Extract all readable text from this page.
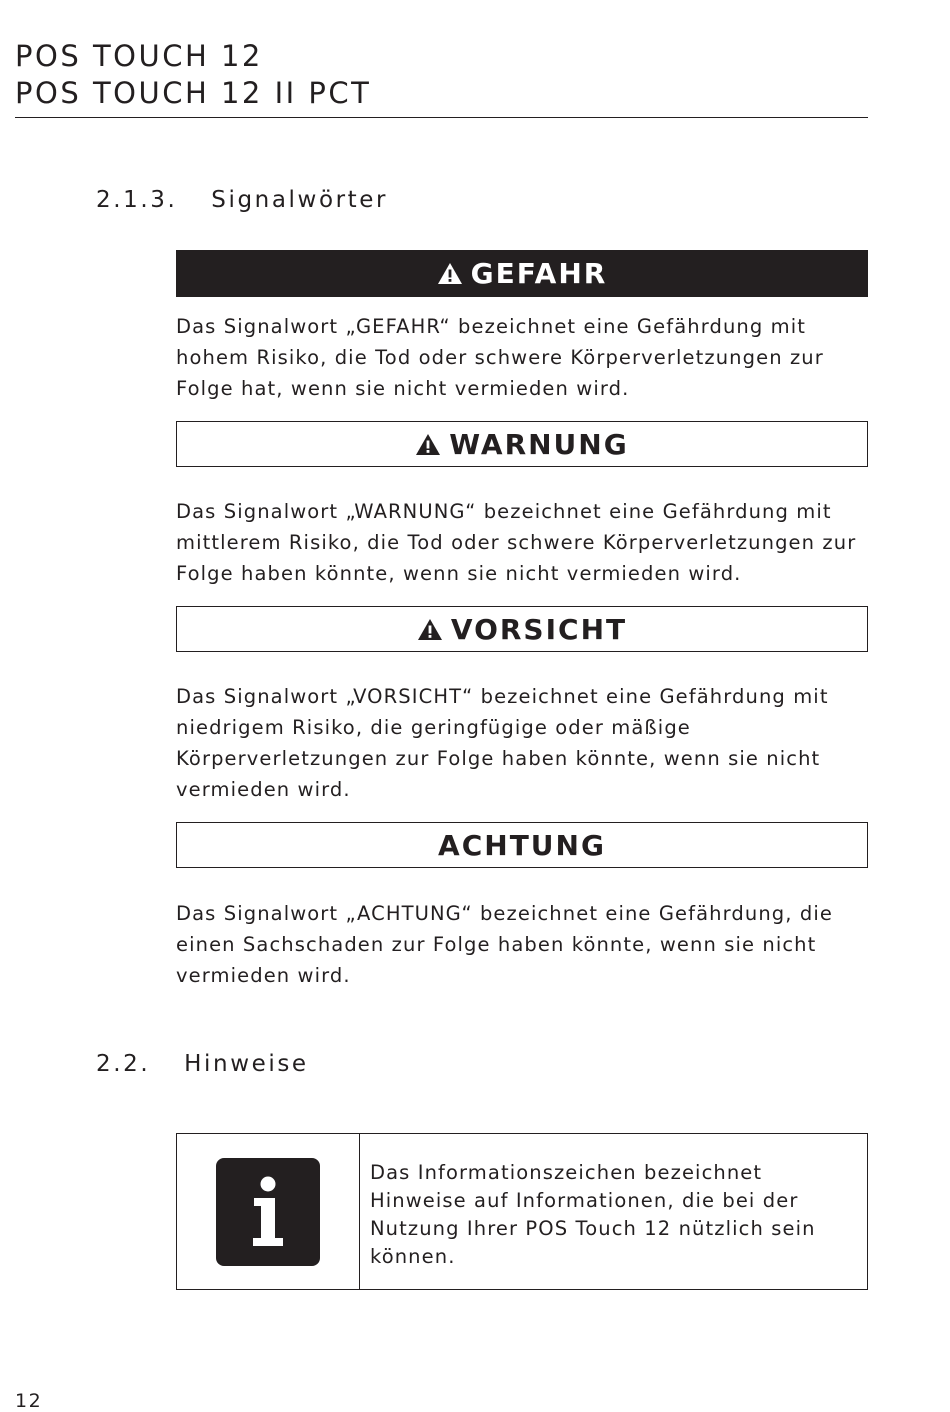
POS TOUCH 12
POS TOUCH 12 II PCT
2.1.3. Signalwörter
GEFAHR
Das Signalwort „GEFAHR“ bezeichnet eine Gefährdung mit hohem Risiko, die Tod oder schwere Körperverletzungen zur Folge hat, wenn sie nicht vermieden wird.
WARNUNG
Das Signalwort „WARNUNG“ bezeichnet eine Gefährdung mit mittlerem Risiko, die Tod oder schwere Körperverletzungen zur Folge haben könnte, wenn sie nicht vermieden wird.
VORSICHT
Das Signalwort „VORSICHT“ bezeichnet eine Gefährdung mit niedrigem Risiko, die geringfügige oder mäßige Körperverletzungen zur Folge haben könnte, wenn sie nicht vermieden wird.
ACHTUNG
Das Signalwort „ACHTUNG“ bezeichnet eine Gefährdung, die einen Sachschaden zur Folge haben könnte, wenn sie nicht vermieden wird.
2.2. Hinweise
Das Informationszeichen bezeichnet Hinweise auf Informationen, die bei der Nutzung Ihrer POS Touch 12 nützlich sein können.
12
